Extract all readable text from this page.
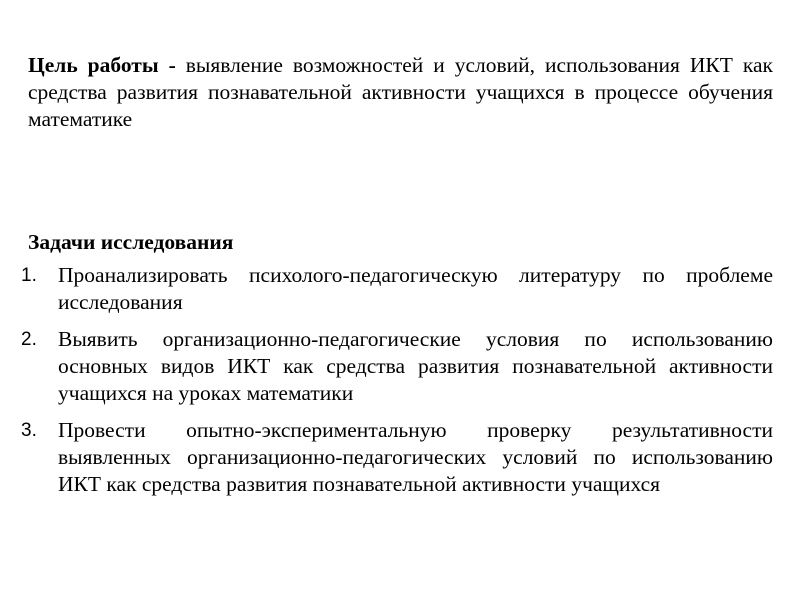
Цель работы - выявление возможностей и условий, использования ИКТ как средства развития познавательной активности учащихся в процессе обучения математике
Задачи исследования
1. Проанализировать психолого-педагогическую литературу по проблеме исследования
2. Выявить организационно-педагогические условия по использованию основных видов ИКТ как средства развития познавательной активности учащихся на уроках математики
3. Провести опытно-экспериментальную проверку результативности выявленных организационно-педагогических условий по использованию ИКТ как средства развития познавательной активности учащихся
